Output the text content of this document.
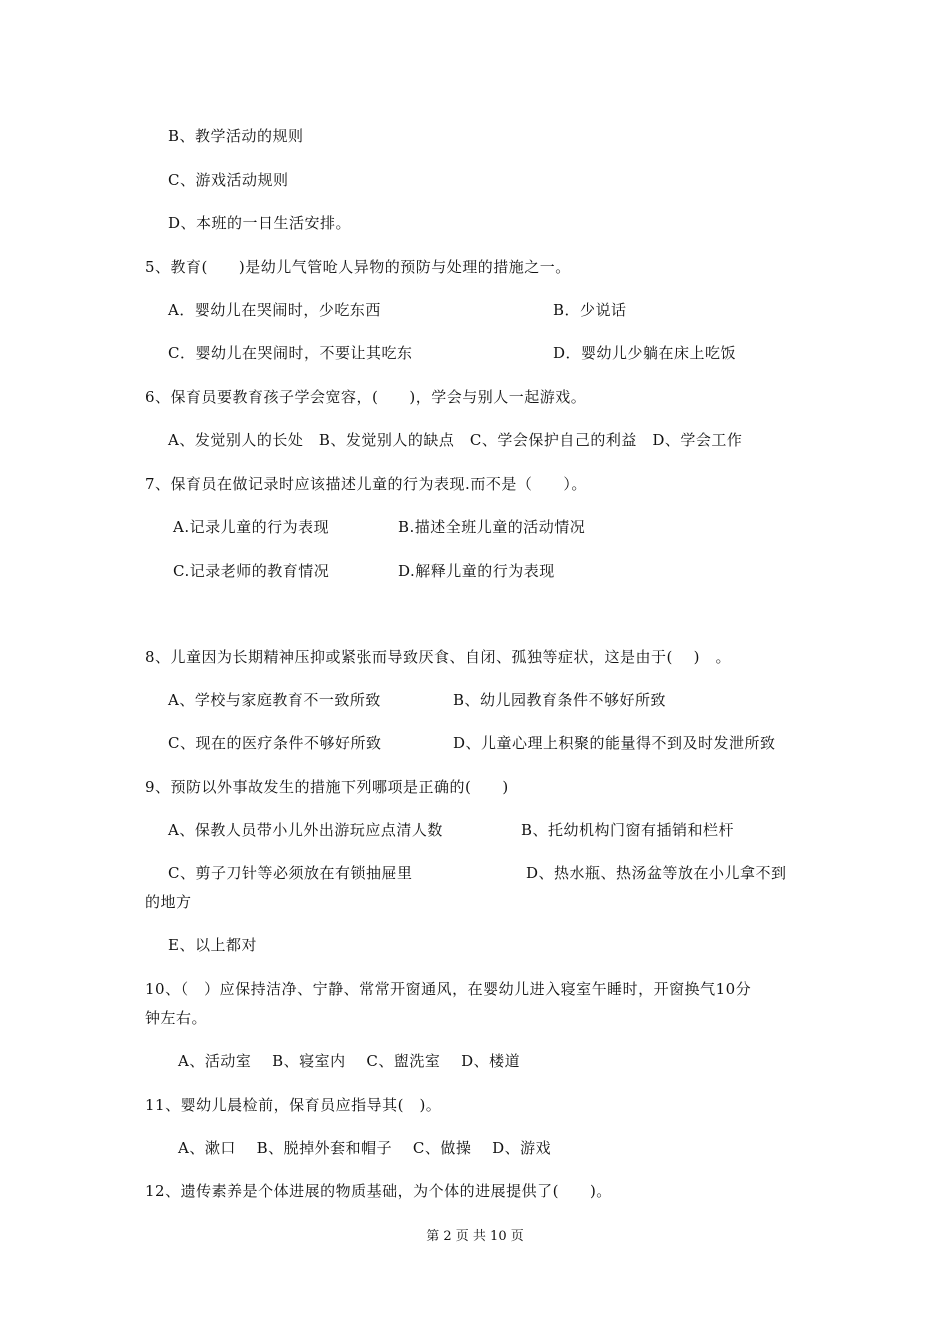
B、教学活动的规则
C、游戏活动规则
D、本班的一日生活安排。
5、教育(　　)是幼儿气管呛人异物的预防与处理的措施之一。
A．婴幼儿在哭闹时，少吃东西	B．少说话
C．婴幼儿在哭闹时，不要让其吃东	D．婴幼儿少躺在床上吃饭
6、保育员要教育孩子学会宽容，(　　)，学会与别人一起游戏。
A、发觉别人的长处　B、发觉别人的缺点　C、学会保护自己的利益　D、学会工作
7、保育员在做记录时应该描述儿童的行为表现.而不是（　　）。
A.记录儿童的行为表现	B.描述全班儿童的活动情况
C.记录老师的教育情况	D.解释儿童的行为表现
8、儿童因为长期精神压抑或紧张而导致厌食、自闭、孤独等症状，这是由于(　 )　。
A、学校与家庭教育不一致所致	B、幼儿园教育条件不够好所致
C、现在的医疗条件不够好所致	D、儿童心理上积聚的能量得不到及时发泄所致
9、预防以外事故发生的措施下列哪项是正确的(　　)
A、保教人员带小儿外出游玩应点清人数	B、托幼机构门窗有插销和栏杆
C、剪子刀针等必须放在有锁抽屉里	D、热水瓶、热汤盆等放在小儿拿不到
的地方
E、以上都对
10、（　）应保持洁净、宁静、常常开窗通风，在婴幼儿进入寝室午睡时，开窗换气10分
钟左右。
A、活动室　 B、寝室内　 C、盥洗室　 D、楼道
11、婴幼儿晨检前，保育员应指导其(　)。
A、漱口　 B、脱掉外套和帽子　 C、做操　 D、游戏
12、遗传素养是个体进展的物质基础，为个体的进展提供了(　　)。
第 2 页 共 10 页
